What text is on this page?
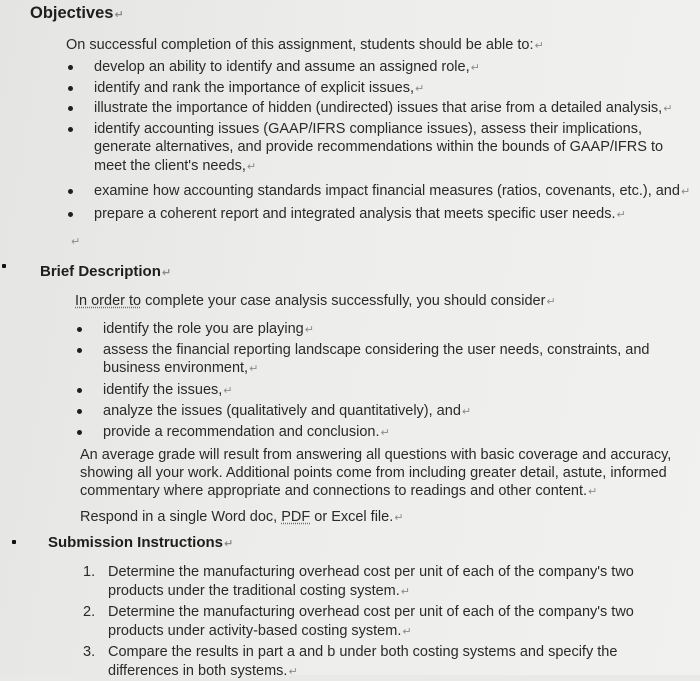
Objectives↵
On successful completion of this assignment, students should be able to:↵
develop an ability to identify and assume an assigned role,↵
identify and rank the importance of explicit issues,↵
illustrate the importance of hidden (undirected) issues that arise from a detailed analysis,↵
identify accounting issues (GAAP/IFRS compliance issues), assess their implications,
generate alternatives, and provide recommendations within the bounds of GAAP/IFRS to
meet the client's needs,↵
examine how accounting standards impact financial measures (ratios, covenants, etc.), and↵
prepare a coherent report and integrated analysis that meets specific user needs.↵
↵
Brief Description↵
In order to complete your case analysis successfully, you should consider↵
identify the role you are playing↵
assess the financial reporting landscape considering the user needs, constraints, and
business environment,↵
identify the issues,↵
analyze the issues (qualitatively and quantitatively), and↵
provide a recommendation and conclusion.↵
An average grade will result from answering all questions with basic coverage and accuracy,
showing all your work. Additional points come from including greater detail, astute, informed
commentary where appropriate and connections to readings and other content.↵
Respond in a single Word doc, PDF or Excel file.↵
Submission Instructions↵
1. Determine the manufacturing overhead cost per unit of each of the company's two
products under the traditional costing system.↵
2. Determine the manufacturing overhead cost per unit of each of the company's two
products under activity-based costing system.↵
3. Compare the results in part a and b under both costing systems and specify the
differences in both systems.↵
